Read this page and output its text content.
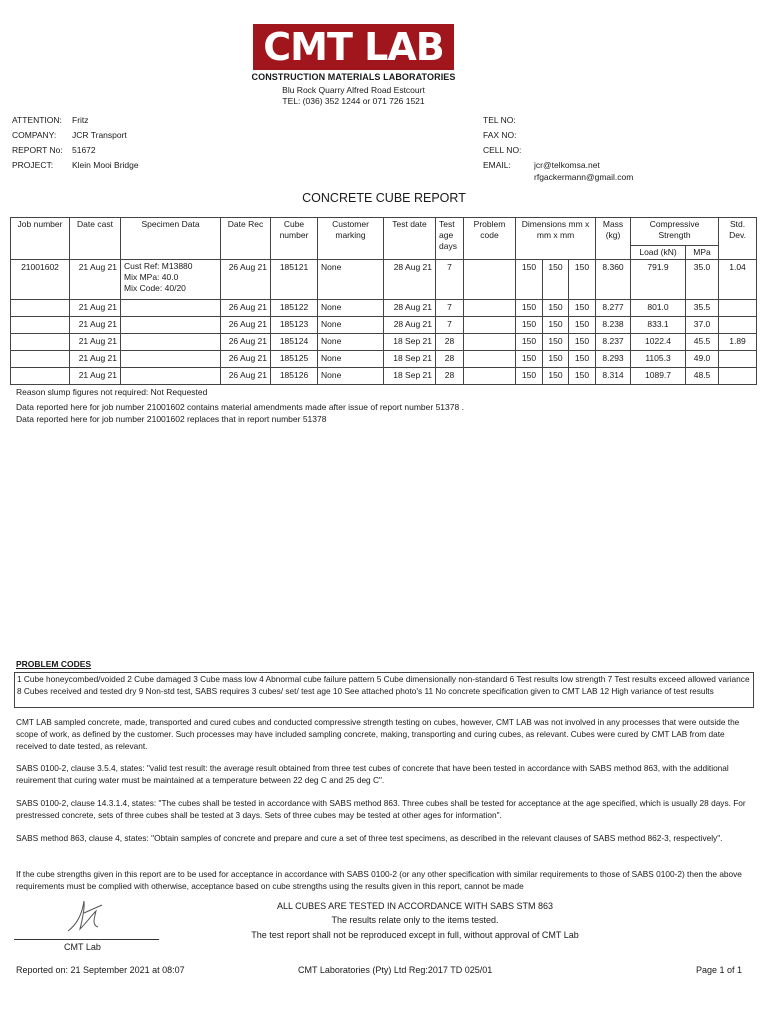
CMT LAB
CONSTRUCTION MATERIALS LABORATORIES
Blu Rock Quarry Alfred Road Estcourt
TEL: (036) 352 1244 or 071 726 1521
ATTENTION: Fritz
COMPANY: JCR Transport
REPORT No: 51672
PROJECT: Klein Mooi Bridge
TEL NO:
FAX NO:
CELL NO:
EMAIL:	jcr@telkomsa.net
rfgackermann@gmail.com
CONCRETE CUBE REPORT
Job number	Date cast	Specimen Data	Date Rec	Cube number	Customer marking	Test date	Test age days	Problem code	Dimensions mm x mm x mm			Mass (kg)	Compressive Strength		Std. Dev.
													Load (kN)	MPa	
21001602	21 Aug 21	Cust Ref: M13880
Mix MPa: 40.0
Mix Code: 40/20	26 Aug 21	185121	None	28 Aug 21	7		150	150	150	8.360	791.9	35.0	1.04
	21 Aug 21		26 Aug 21	185122	None	28 Aug 21	7		150	150	150	8.277	801.0	35.5	
	21 Aug 21		26 Aug 21	185123	None	28 Aug 21	7		150	150	150	8.238	833.1	37.0	
	21 Aug 21		26 Aug 21	185124	None	18 Sep 21	28		150	150	150	8.237	1022.4	45.5	1.89
	21 Aug 21		26 Aug 21	185125	None	18 Sep 21	28		150	150	150	8.293	1105.3	49.0	
	21 Aug 21		26 Aug 21	185126	None	18 Sep 21	28		150	150	150	8.314	1089.7	48.5	
Reason slump figures not required: Not Requested
Data reported here for job number 21001602 contains material amendments made after issue of report number 51378 .
Data reported here for job number 21001602 replaces that in report number 51378
PROBLEM CODES
1 Cube honeycombed/voided 2 Cube damaged 3 Cube mass low 4 Abnormal cube failure pattern 5 Cube dimensionally non-standard 6 Test results low strength 7 Test results exceed allowed variance 8 Cubes received and tested dry 9 Non-std test, SABS requires 3 cubes/ set/ test age 10 See attached photo's 11 No concrete specification given to CMT LAB 12 High variance of test results
CMT LAB sampled concrete, made, transported and cured cubes and conducted compressive strength testing on cubes, however, CMT LAB was not involved in any processes that were outside the scope of work, as defined by the customer. Such processes may have included sampling concrete, making, transporting and curing cubes, as relevant. Cubes were cured by CMT LAB from date received to date tested, as relevant.
SABS 0100-2, clause 3.5.4, states: "valid test result: the average result obtained from three test cubes of concrete that have been tested in accordance with SABS method 863, with the additional reuirement that curing water must be maintained at a temperature between 22 deg C and 25 deg C".
SABS 0100-2, clause 14.3.1.4, states: "The cubes shall be tested in accordance with SABS method 863. Three cubes shall be tested for acceptance at the age specified, which is usually 28 days. For prestressed concrete, sets of three cubes shall be tested at 3 days. Sets of three cubes may be tested at other ages for information".
SABS method 863, clause 4, states: "Obtain samples of concrete and prepare and cure a set of three test specimens, as described in the relevant clauses of SABS method 862-3, respectively".
If the cube strengths given in this report are to be used for acceptance in accordance with SABS 0100-2 (or any other specification with similar requirements to those of SABS 0100-2) then the above requirements must be complied with otherwise, acceptance based on cube strengths using the results given in this report, cannot be made
CMT Lab
ALL CUBES ARE TESTED IN ACCORDANCE WITH SABS STM 863
The results relate only to the items tested.
The test report shall not be reproduced except in full, without approval of CMT Lab
Reported on: 21 September 2021 at 08:07	CMT Laboratories (Pty) Ltd Reg:2017 TD 025/01	Page 1 of 1
